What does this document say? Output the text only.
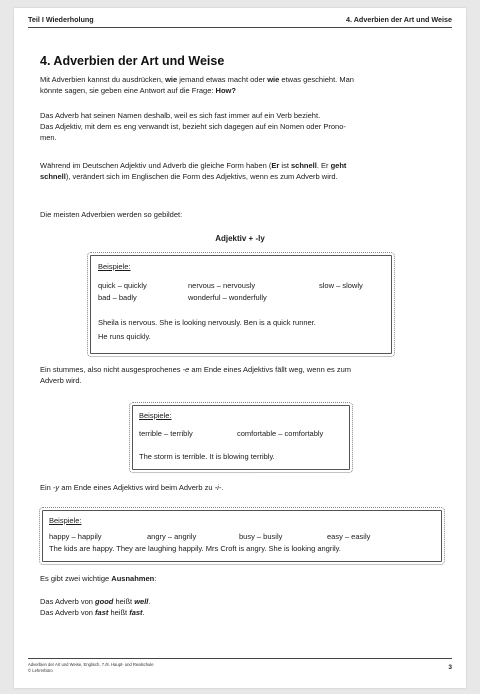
Teil I Wiederholung	4. Adverbien der Art und Weise
4. Adverbien der Art und Weise
Mit Adverbien kannst du ausdrücken, wie jemand etwas macht oder wie etwas geschieht. Man
könnte sagen, sie geben eine Antwort auf die Frage: How?
Das Adverb hat seinen Namen deshalb, weil es sich fast immer auf ein Verb bezieht.
Das Adjektiv, mit dem es eng verwandt ist, bezieht sich dagegen auf ein Nomen oder Prono-
men.
Während im Deutschen Adjektiv und Adverb die gleiche Form haben (Er ist schnell. Er geht
schnell), verändert sich im Englischen die Form des Adjektivs, wenn es zum Adverb wird.
Die meisten Adverbien werden so gebildet:
Adjektiv + -ly
Beispiele:
quick – quickly	nervous – nervously	slow – slowly
bad – badly	wonderful – wonderfully
Sheila is nervous. She is looking nervously. Ben is a quick runner.
He runs quickly.
Ein stummes, also nicht ausgesprochenes -e am Ende eines Adjektivs fällt weg, wenn es zum
Adverb wird.
Beispiele:
terrible – terribly	comfortable – comfortably
The storm is terrible. It is blowing terribly.
Ein -y am Ende eines Adjektivs wird beim Adverb zu -i-.
Beispiele:
happy – happily	angry – angrily	busy – busily	easy – easily
The kids are happy. They are laughing happily. Mrs Croft is angry. She is looking angrily.
Es gibt zwei wichtige Ausnahmen:
Das Adverb von good heißt well.
Das Adverb von fast heißt fast.
Adverbien der Art und Weise, Englisch, 7./8. Haupt- und Realschule
© Lehrerbüro	3
